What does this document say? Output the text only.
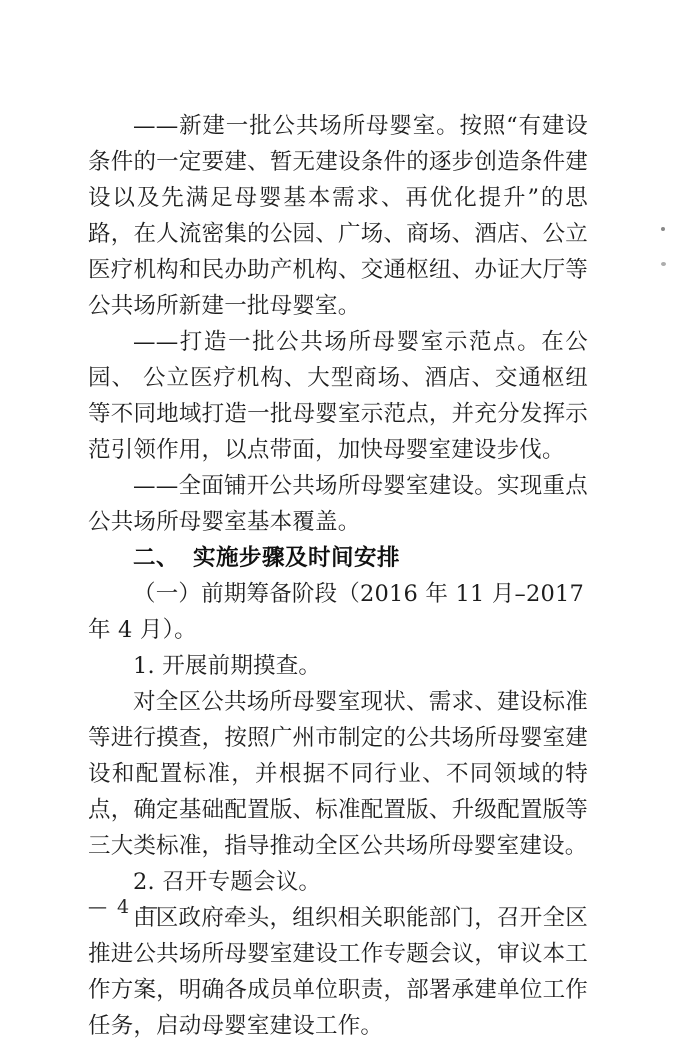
——新建一批公共场所母婴室。按照“有建设条件的一定要建、暂无建设条件的逐步创造条件建设以及先满足母婴基本需求、再优化提升”的思路，在人流密集的公园、广场、商场、酒店、公立医疗机构和民办助产机构、交通枢纽、办证大厅等公共场所新建一批母婴室。

——打造一批公共场所母婴室示范点。在公园、 公立医疗机构、大型商场、酒店、交通枢纽等不同地域打造一批母婴室示范点，并充分发挥示范引领作用，以点带面，加快母婴室建设步伐。

——全面铺开公共场所母婴室建设。实现重点公共场所母婴室基本覆盖。

二、 实施步骤及时间安排

（一）前期筹备阶段（2016 年 11 月–2017 年 4 月）。

1. 开展前期摸查。

对全区公共场所母婴室现状、需求、建设标准等进行摸查，按照广州市制定的公共场所母婴室建设和配置标准，并根据不同行业、不同领域的特点，确定基础配置版、标准配置版、升级配置版等三大类标准，指导推动全区公共场所母婴室建设。

2. 召开专题会议。

由区政府牵头，组织相关职能部门，召开全区推进公共场所母婴室建设工作专题会议，审议本工作方案，明确各成员单位职责，部署承建单位工作任务，启动母婴室建设工作。

— 4 —
